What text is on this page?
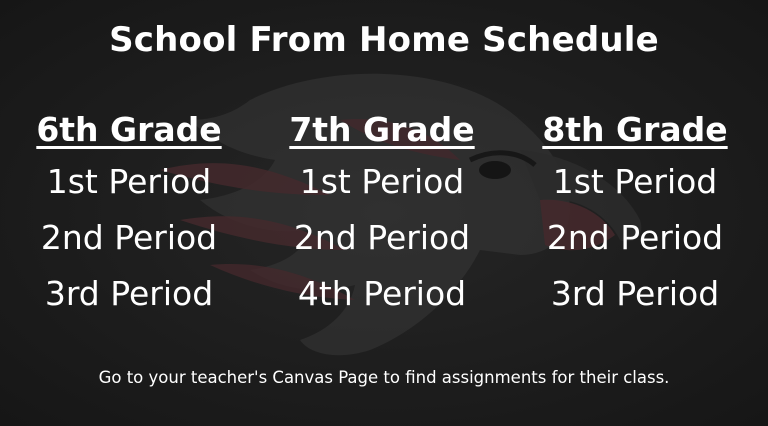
School From Home Schedule
6th Grade
1st Period
2nd Period
3rd Period
7th Grade
1st Period
2nd Period
4th Period
8th Grade
1st Period
2nd Period
3rd Period
Go to your teacher's Canvas Page to find assignments for their class.
